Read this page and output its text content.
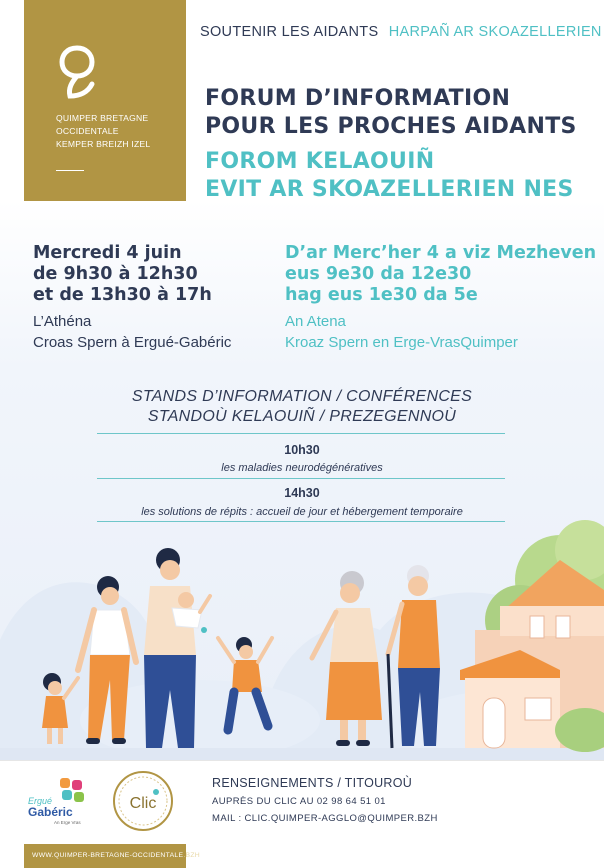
QUIMPER BRETAGNE
OCCIDENTALE
KEMPER BREIZH IZEL
SOUTENIR LES AIDANTS HARPAÑ AR SKOAZELLERIEN
FORUM D’INFORMATION
POUR LES PROCHES AIDANTS
FOROM KELAOUIÑ
EVIT AR SKOAZELLERIEN NES
Mercredi 4 juin
de 9h30 à 12h30
et de 13h30 à 17h
D’ar Merc’her 4 a viz Mezheven
eus 9e30 da 12e30
hag eus 1e30 da 5e
L’Athéna
Croas Spern à Ergué-Gabéric
An Atena
Kroaz Spern en Erge-VrasQuimper
STANDS D’INFORMATION / CONFÉRENCES
STANDOÙ KELAOUIÑ / PREZEGENNOÙ
10h30
les maladies neurodégénératives
14h30
les solutions de répits : accueil de jour et hébergement temporaire
Ergué
Gabéric
An Erge Vras
Clic
RENSEIGNEMENTS / TITOUROÙ
AUPRÈS DU CLIC AU 02 98 64 51 01
MAIL : CLIC.QUIMPER-AGGLO@QUIMPER.BZH
WWW.QUIMPER-BRETAGNE-OCCIDENTALE.BZH
